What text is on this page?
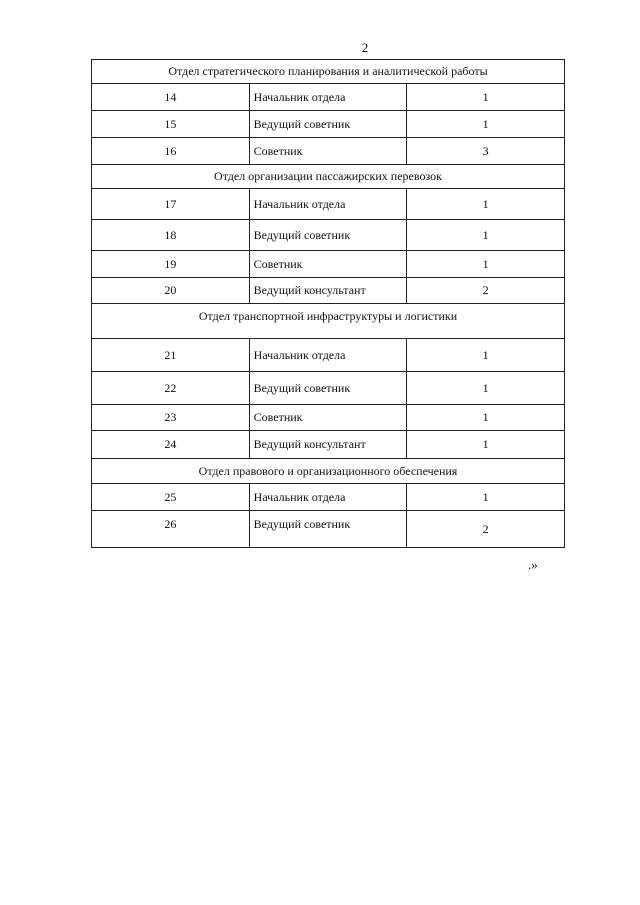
2
Отдел стратегического планирования и аналитической работы		
14	Начальник отдела	1
15	Ведущий советник	1
16	Советник	3
Отдел организации пассажирских перевозок		
17	Начальник отдела	1
18	Ведущий советник	1
19	Советник	1
20	Ведущий консультант	2
Отдел транспортной инфраструктуры и логистики		
21	Начальник отдела	1
22	Ведущий советник	1
23	Советник	1
24	Ведущий консультант	1
Отдел правового и организационного обеспечения		
25	Начальник отдела	1
26	Ведущий советник	2
.»
